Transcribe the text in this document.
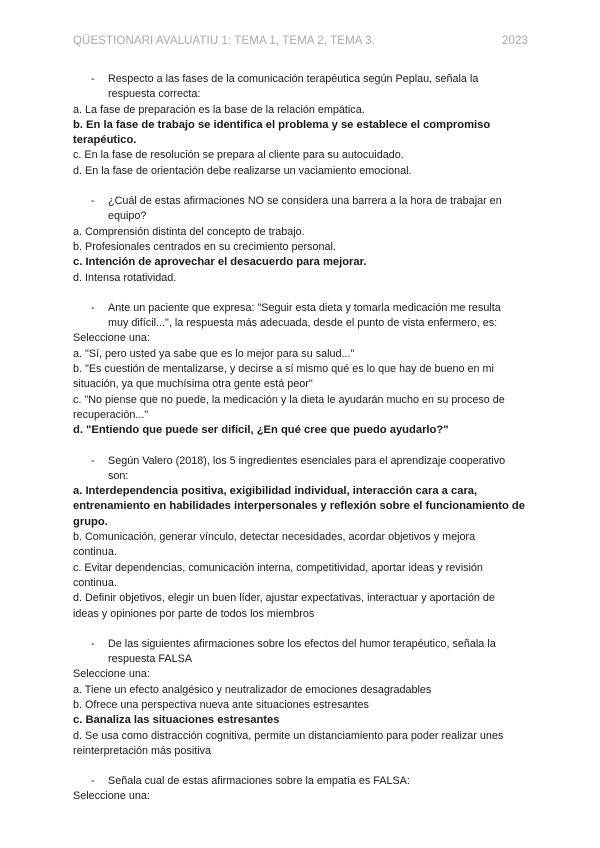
QÜESTIONARI AVALUATIU 1: TEMA 1, TEMA 2, TEMA 3.	2023
- Respecto a las fases de la comunicación terapéutica según Peplau, señala la
respuesta correcta:
a. La fase de preparación es la base de la relación empática.
b. En la fase de trabajo se identifica el problema y se establece el compromiso
terapéutico.
c. En la fase de resolución se prepara al cliente para su autocuidado.
d. En la fase de orientación debe realizarse un vaciamiento emocional.
- ¿Cuál de estas afirmaciones NO se considera una barrera a la hora de trabajar en
equipo?
a. Comprensión distinta del concepto de trabajo.
b. Profesionales centrados en su crecimiento personal.
c. Intención de aprovechar el desacuerdo para mejorar.
d. Intensa rotatividad.
- Ante un paciente que expresa: "Seguir esta dieta y tomarla medicación me resulta
muy difícil...", la respuesta más adecuada, desde el punto de vista enfermero, es:
Seleccione una:
a. "Sí, pero usted ya sabe que es lo mejor para su salud..."
b. "Es cuestión de mentalizarse, y decirse a sí mismo qué es lo que hay de bueno en mi
situación, ya que muchísima otra gente está peor"
c. "No piense que no puede, la medicación y la dieta le ayudarán mucho en su proceso de
recuperación..."
d. "Entiendo que puede ser difícil, ¿En qué cree que puedo ayudarlo?"
- Según Valero (2018), los 5 ingredientes esenciales para el aprendizaje cooperativo
son:
a. Interdependencia positiva, exigibilidad individual, interacción cara a cara,
entrenamiento en habilidades interpersonales y reflexión sobre el funcionamiento de
grupo.
b. Comunicación, generar vínculo, detectar necesidades, acordar objetivos y mejora
continua.
c. Evitar dependencias, comunicación interna, competitividad, aportar ideas y revisión
continua.
d. Definir objetivos, elegir un buen líder, ajustar expectativas, interactuar y aportación de
ideas y opiniones por parte de todos los miembros
- De las siguientes afirmaciones sobre los efectos del humor terapéutico, señala la
respuesta FALSA
Seleccione una:
a. Tiene un efecto analgésico y neutralizador de emociones desagradables
b. Ofrece una perspectiva nueva ante situaciones estresantes
c. Banaliza las situaciones estresantes
d. Se usa como distracción cognitiva, permite un distanciamiento para poder realizar unes
reinterpretación más positiva
- Señala cual de estas afirmaciones sobre la empatía es FALSA:
Seleccione una:
